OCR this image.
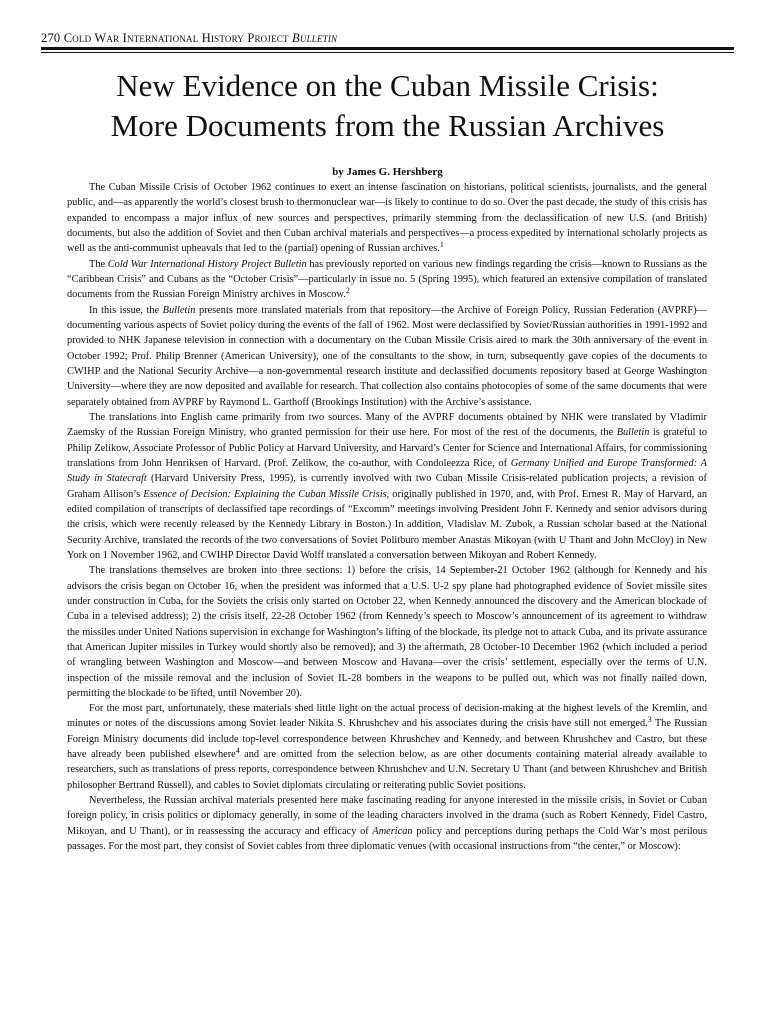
270 Cold War International History Project Bulletin
New Evidence on the Cuban Missile Crisis:
More Documents from the Russian Archives
by James G. Hershberg

The Cuban Missile Crisis of October 1962 continues to exert an intense fascination on historians, political scientists, journalists, and the general public, and—as apparently the world’s closest brush to thermonuclear war—is likely to continue to do so. Over the past decade, the study of this crisis has expanded to encompass a major influx of new sources and perspectives, primarily stemming from the declassification of new U.S. (and British) documents, but also the addition of Soviet and then Cuban archival materials and perspectives—a process expedited by international scholarly projects as well as the anti-communist upheavals that led to the (partial) opening of Russian archives.$^1$

The Cold War International History Project Bulletin has previously reported on various new findings regarding the crisis—known to Russians as the “Caribbean Crisis” and Cubans as the “October Crisis”—particularly in issue no. 5 (Spring 1995), which featured an extensive compilation of translated documents from the Russian Foreign Ministry archives in Moscow.$^2$

In this issue, the Bulletin presents more translated materials from that repository—the Archive of Foreign Policy, Russian Federation (AVPRF)—documenting various aspects of Soviet policy during the events of the fall of 1962. Most were declassified by Soviet/Russian authorities in 1991-1992 and provided to NHK Japanese television in connection with a documentary on the Cuban Missile Crisis aired to mark the 30th anniversary of the event in October 1992; Prof. Philip Brenner (American University), one of the consultants to the show, in turn, subsequently gave copies of the documents to CWIHP and the National Security Archive—a non-governmental research institute and declassified documents repository based at George Washington University—where they are now deposited and available for research. That collection also contains photocopies of some of the same documents that were separately obtained from AVPRF by Raymond L. Garthoff (Brookings Institution) with the Archive’s assistance.

The translations into English came primarily from two sources. Many of the AVPRF documents obtained by NHK were translated by Vladimir Zaemsky of the Russian Foreign Ministry, who granted permission for their use here. For most of the rest of the documents, the Bulletin is grateful to Philip Zelikow, Associate Professor of Public Policy at Harvard University, and Harvard’s Center for Science and International Affairs, for commissioning translations from John Henriksen of Harvard. (Prof. Zelikow, the co-author, with Condoleezza Rice, of Germany Unified and Europe Transformed: A Study in Statecraft (Harvard University Press, 1995), is currently involved with two Cuban Missile Crisis-related publication projects, a revision of Graham Allison’s Essence of Decision: Explaining the Cuban Missile Crisis, originally published in 1970, and, with Prof. Ernest R. May of Harvard, an edited compilation of transcripts of declassified tape recordings of “Excomm” meetings involving President John F. Kennedy and senior advisors during the crisis, which were recently released by the Kennedy Library in Boston.) In addition, Vladislav M. Zubok, a Russian scholar based at the National Security Archive, translated the records of the two conversations of Soviet Politburo member Anastas Mikoyan (with U Thant and John McCloy) in New York on 1 November 1962, and CWIHP Director David Wolff translated a conversation between Mikoyan and Robert Kennedy.

The translations themselves are broken into three sections: 1) before the crisis, 14 September-21 October 1962 (although for Kennedy and his advisors the crisis began on October 16, when the president was informed that a U.S. U-2 spy plane had photographed evidence of Soviet missile sites under construction in Cuba, for the Soviets the crisis only started on October 22, when Kennedy announced the discovery and the American blockade of Cuba in a televised address); 2) the crisis itself, 22-28 October 1962 (from Kennedy’s speech to Moscow’s announcement of its agreement to withdraw the missiles under United Nations supervision in exchange for Washington’s lifting of the blockade, its pledge not to attack Cuba, and its private assurance that American Jupiter missiles in Turkey would shortly also be removed); and 3) the aftermath, 28 October-10 December 1962 (which included a period of wrangling between Washington and Moscow—and between Moscow and Havana—over the crisis’ settlement, especially over the terms of U.N. inspection of the missile removal and the inclusion of Soviet IL-28 bombers in the weapons to be pulled out, which was not finally nailed down, permitting the blockade to be lifted, until November 20).

For the most part, unfortunately, these materials shed little light on the actual process of decision-making at the highest levels of the Kremlin, and minutes or notes of the discussions among Soviet leader Nikita S. Khrushchev and his associates during the crisis have still not emerged.$^3$ The Russian Foreign Ministry documents did include top-level correspondence between Khrushchev and Kennedy, and between Khrushchev and Castro, but these have already been published elsewhere$^4$ and are omitted from the selection below, as are other documents containing material already available to researchers, such as translations of press reports, correspondence between Khrushchev and U.N. Secretary U Thant (and between Khrushchev and British philosopher Bertrand Russell), and cables to Soviet diplomats circulating or reiterating public Soviet positions.

Nevertheless, the Russian archival materials presented here make fascinating reading for anyone interested in the missile crisis, in Soviet or Cuban foreign policy, in crisis politics or diplomacy generally, in some of the leading characters involved in the drama (such as Robert Kennedy, Fidel Castro, Mikoyan, and U Thant), or in reassessing the accuracy and efficacy of American policy and perceptions during perhaps the Cold War’s most perilous passages. For the most part, they consist of Soviet cables from three diplomatic venues (with occasional instructions from “the center,” or Moscow):
